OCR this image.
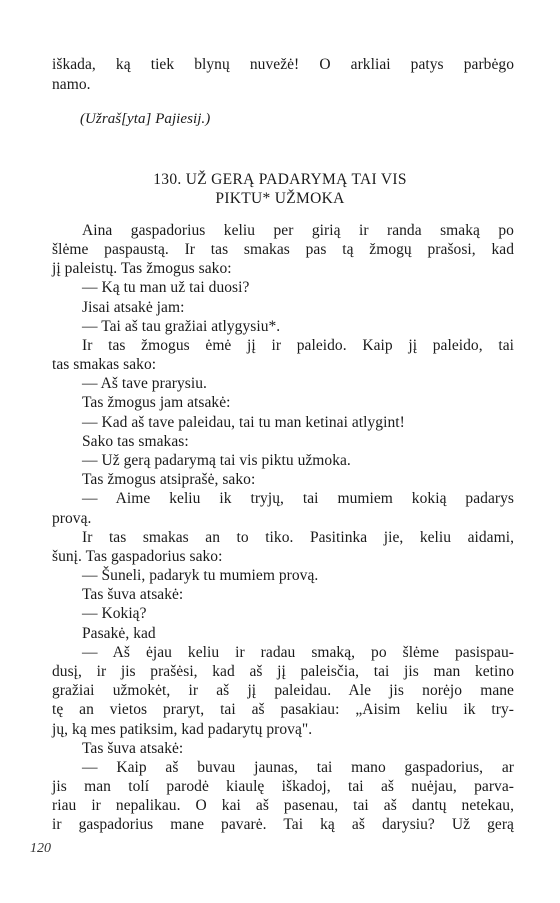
iškada, ką tiek blynų nuvežė! O arkliai patys parbėgo
namo.
(Užraš[yta] Pajiesij.)
130. UŽ GERĄ PADARYMĄ TAI VIS
PIKTU* UŽMOKA
Aina gaspadorius keliu per girią ir randa smaką po
šlėme paspaustą. Ir tas smakas pas tą žmogų prašosi, kad
jį paleistų. Tas žmogus sako:
— Ką tu man už tai duosi?
Jisai atsakė jam:
— Tai aš tau gražiai atlygysiu*.
Ir tas žmogus ėmė jį ir paleido. Kaip jį paleido, tai
tas smakas sako:
— Aš tave prarysiu.
Tas žmogus jam atsakė:
— Kad aš tave paleidau, tai tu man ketinai atlygint!
Sako tas smakas:
— Už gerą padarymą tai vis piktu užmoka.
Tas žmogus atsiprašė, sako:
— Aime keliu ik tryjų, tai mumiem kokią padarys
provą.
Ir tas smakas an to tiko. Pasitinka jie, keliu aidami,
šunį. Tas gaspadorius sako:
— Šuneli, padaryk tu mumiem provą.
Tas šuva atsakė:
— Kokią?
Pasakė, kad
— Aš ėjau keliu ir radau smaką, po šlėme pasispau-
dusį, ir jis prašėsi, kad aš jį paleisčia, tai jis man ketino
gražiai užmokėt, ir aš jį paleidau. Ale jis norėjo mane
tę an vietos praryt, tai aš pasakiau: „Aisim keliu ik try-
jų, ką mes patiksim, kad padarytų provą".
Tas šuva atsakė:
— Kaip aš buvau jaunas, tai mano gaspadorius, ar
jis man tolí parodė kiaulę iškadoj, tai aš nuėjau, parva-
riau ir nepalikau. O kai aš pasenau, tai aš dantų netekau,
ir gaspadorius mane pavarė. Tai ką aš darysiu? Už gerą
120
